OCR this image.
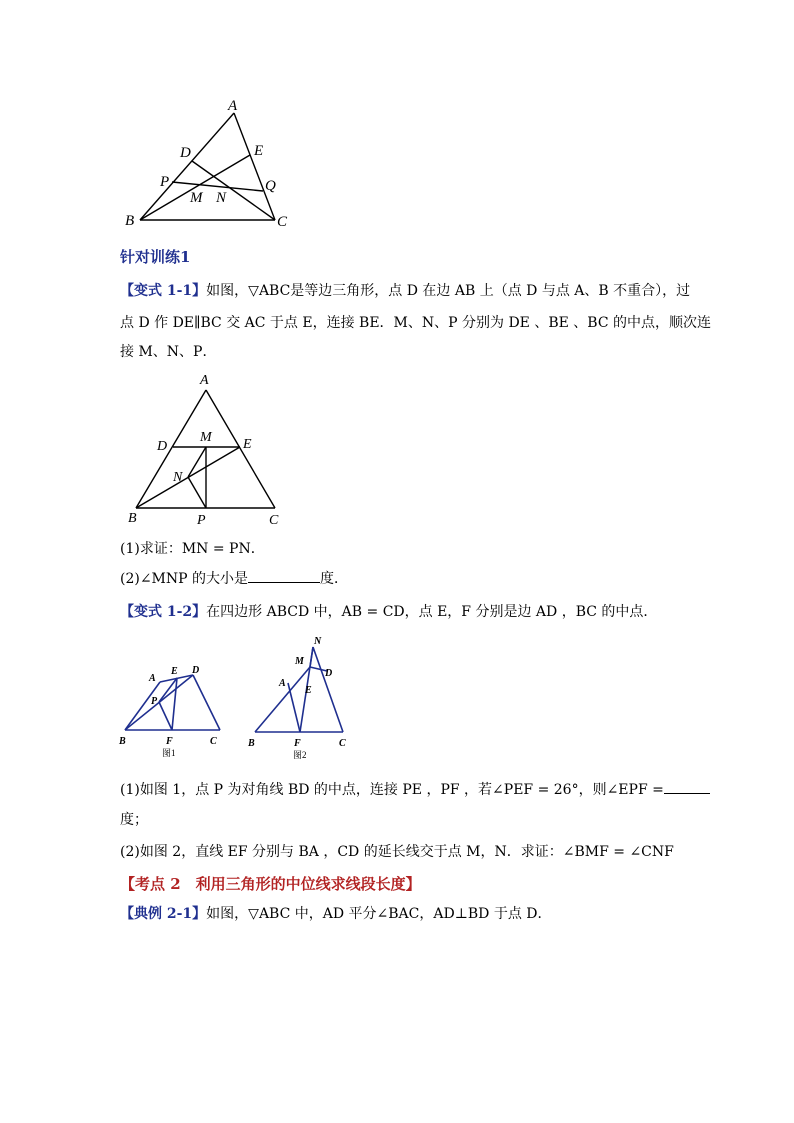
A
B	C
D	E
P	Q
M N
针对训练1
【变式 1-1】如图，▽ABC是等边三角形，点 D 在边 AB 上（点 D 与点 A、B 不重合），过
点 D 作 DE∥BC 交 AC 于点 E，连接 BE．M、N、P 分别为 DE 、BE 、BC 的中点，顺次连
接 M、N、P．
A
B	C
D	E
M
N
P
(1)求证：MN = PN．
(2)∠MNP 的大小是	度．
【变式 1-2】在四边形 ABCD 中，AB = CD，点 E，F 分别是边 AD ，BC 的中点．
A
E D
P
B	F	C
图1
N
M
D
A
E
B	F	C
图2
(1)如图 1，点 P 为对角线 BD 的中点，连接 PE ，PF ，若∠PEF = 26°，则∠EPF =
度；
(2)如图 2，直线 EF 分别与 BA ，CD 的延长线交于点 M，N．求证：∠BMF = ∠CNF
【考点 2　利用三角形的中位线求线段长度】
【典例 2-1】如图，▽ABC 中，AD 平分∠BAC，AD⊥BD 于点 D．
